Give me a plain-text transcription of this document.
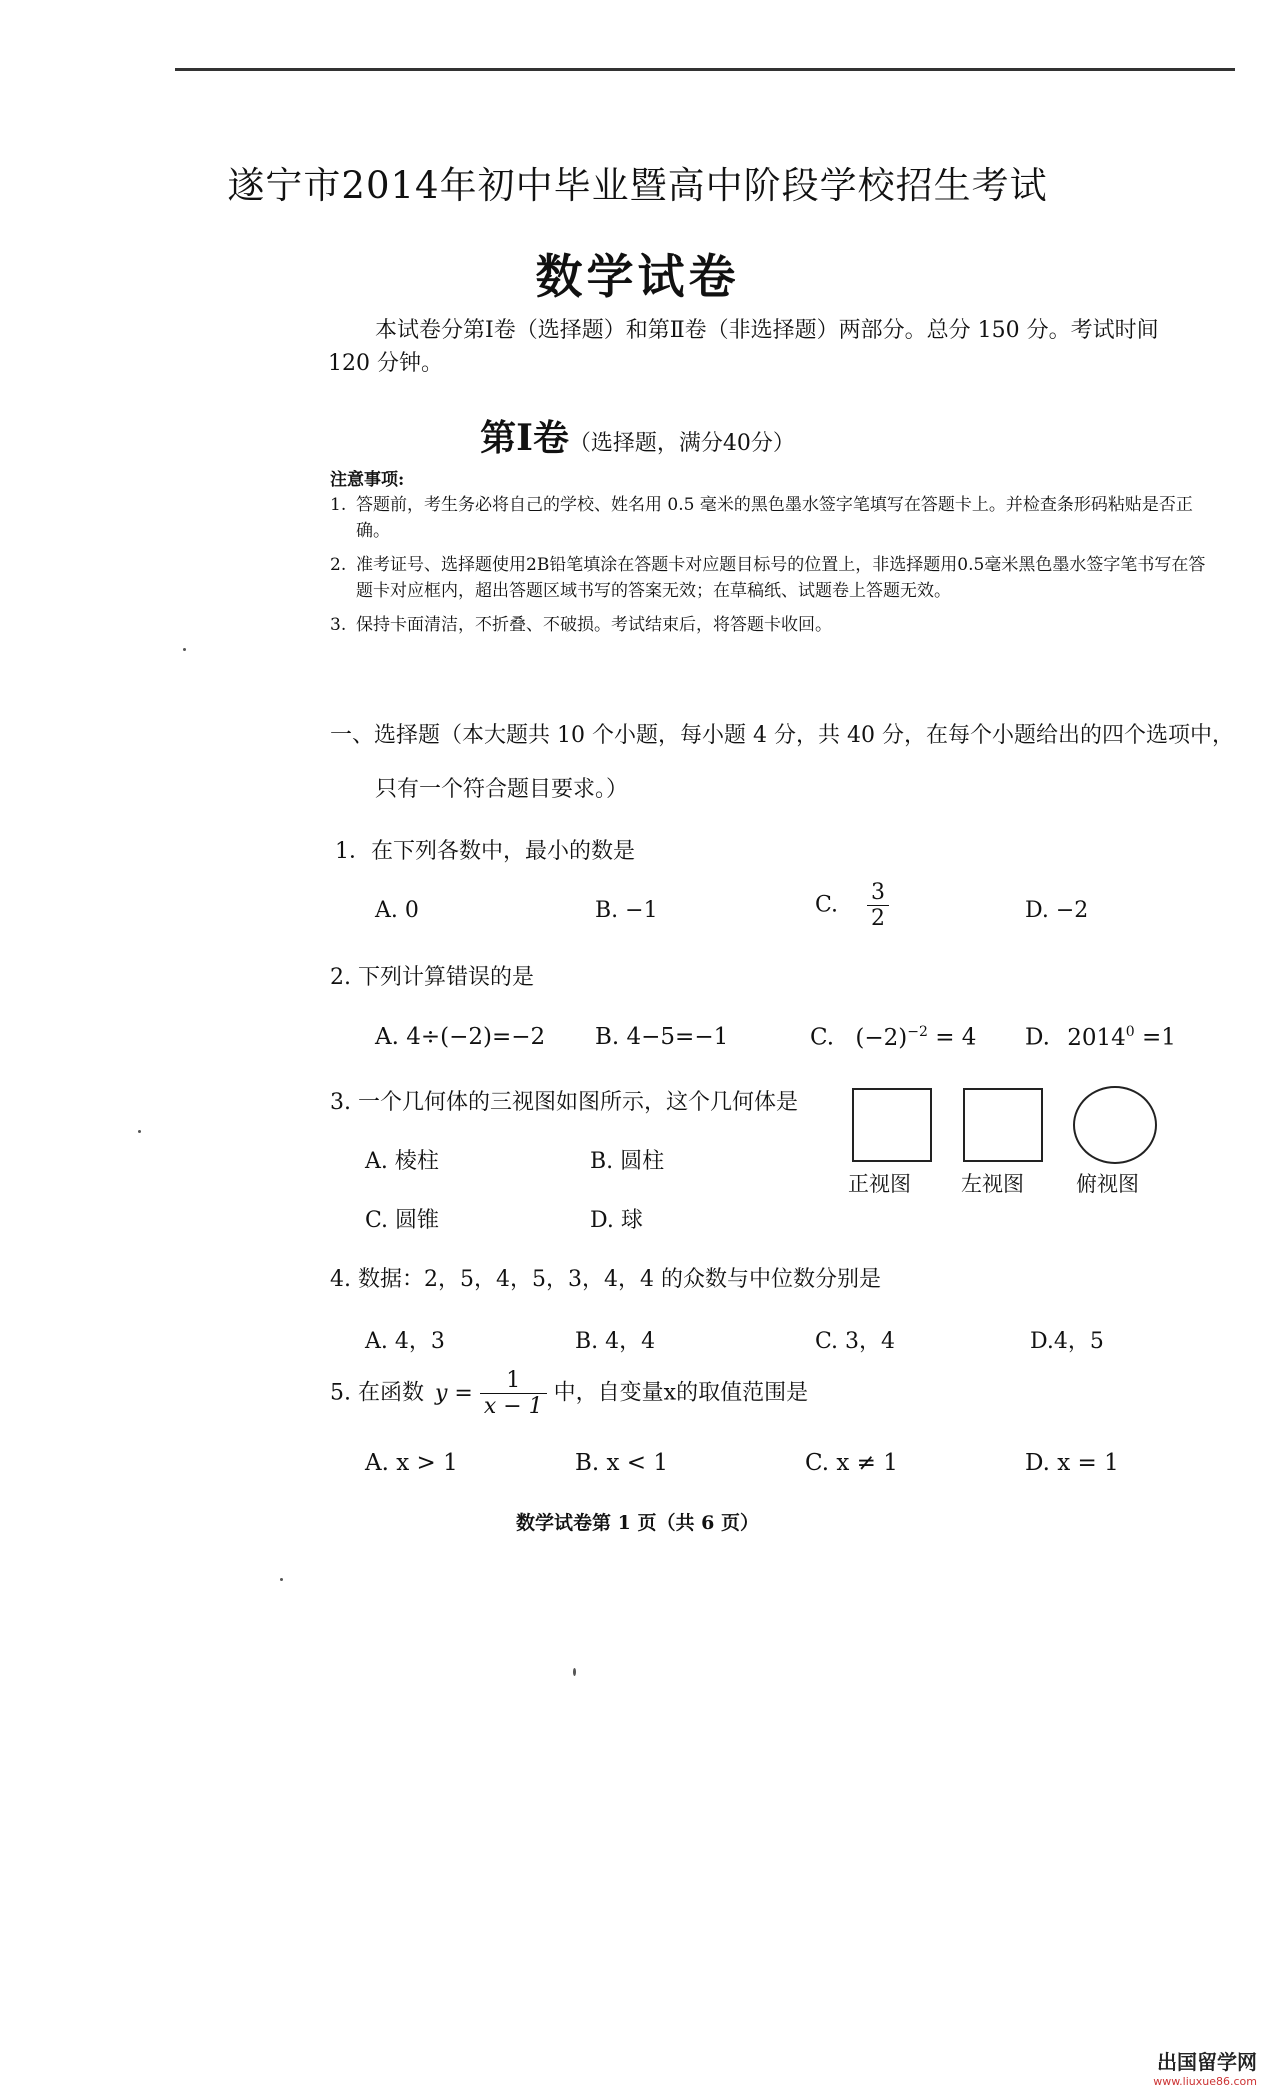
遂宁市2014年初中毕业暨高中阶段学校招生考试
数学试卷
本试卷分第Ⅰ卷（选择题）和第Ⅱ卷（非选择题）两部分。总分 150 分。考试时间
120 分钟。
第Ⅰ卷（选择题，满分40分）
注意事项:
1. 答题前，考生务必将自己的学校、姓名用 0.5 毫米的黑色墨水签字笔填写在答题卡上。并检查条形码粘贴是否正确。
2. 准考证号、选择题使用2B铅笔填涂在答题卡对应题目标号的位置上，非选择题用0.5毫米黑色墨水签字笔书写在答题卡对应框内，超出答题区域书写的答案无效；在草稿纸、试题卷上答题无效。
3. 保持卡面清洁，不折叠、不破损。考试结束后，将答题卡收回。
一、选择题（本大题共 10 个小题，每小题 4 分，共 40 分，在每个小题给出的四个选项中，
只有一个符合题目要求。）
1．在下列各数中，最小的数是
A. 0	B. −1	C. $\frac{3}{2}$	D. −2
2. 下列计算错误的是
A. 4÷(−2)=−2 B. 4−5=−1	C. $(-2)^{-2} = 4$ D. $2014^0 =1$
3. 一个几何体的三视图如图所示，这个几何体是
A. 棱柱	B. 圆柱
C. 圆锥	D. 球
正视图 左视图 俯视图
4. 数据：2，5，4，5，3，4，4 的众数与中位数分别是
A. 4，3	B. 4，4	C. 3，4	D.4，5
5. 在函数 $y = \frac{1}{x - 1}$ 中，自变量x的取值范围是
A. x > 1	B. x < 1	C. x ≠ 1	D. x = 1
数学试卷第 1 页（共 6 页）
出国留学网
www.liuxue86.com
